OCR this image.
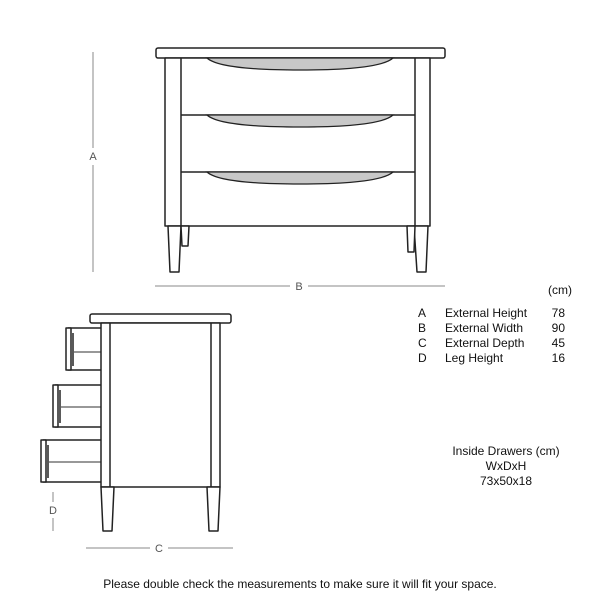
A
B
D
C
(cm)
A	External Height	78
B	External Width	90
C	External Depth	45
D	Leg Height	16
Inside Drawers (cm)
WxDxH
73x50x18
Please double check the measurements to make sure it will fit your space.
